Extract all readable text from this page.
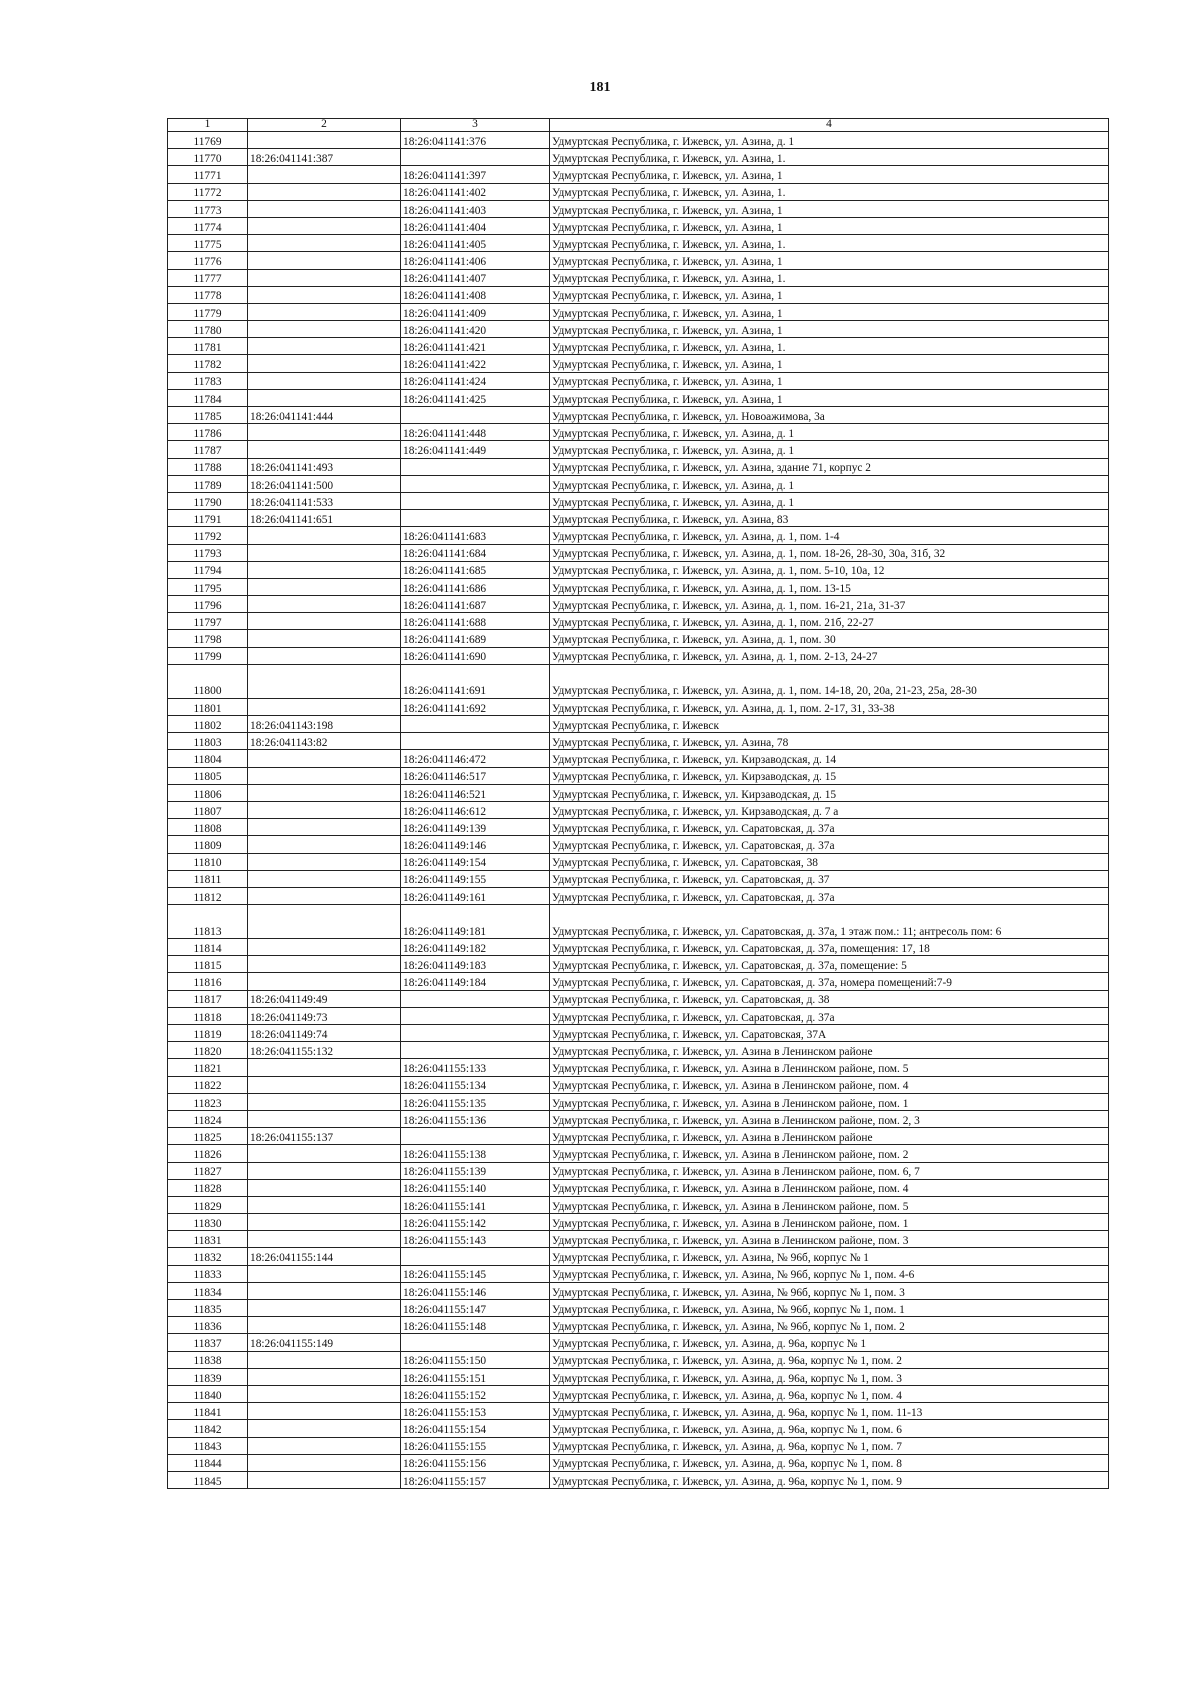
181
1	2	3	4
11769		18:26:041141:376	Удмуртская Республика, г. Ижевск, ул. Азина, д. 1
11770	18:26:041141:387		Удмуртская Республика, г. Ижевск, ул. Азина, 1.
11771		18:26:041141:397	Удмуртская Республика, г. Ижевск, ул. Азина, 1
11772		18:26:041141:402	Удмуртская Республика, г. Ижевск, ул. Азина, 1.
11773		18:26:041141:403	Удмуртская Республика, г. Ижевск, ул. Азина, 1
11774		18:26:041141:404	Удмуртская Республика, г. Ижевск, ул. Азина, 1
11775		18:26:041141:405	Удмуртская Республика, г. Ижевск, ул. Азина, 1.
11776		18:26:041141:406	Удмуртская Республика, г. Ижевск, ул. Азина, 1
11777		18:26:041141:407	Удмуртская Республика, г. Ижевск, ул. Азина, 1.
11778		18:26:041141:408	Удмуртская Республика, г. Ижевск, ул. Азина, 1
11779		18:26:041141:409	Удмуртская Республика, г. Ижевск, ул. Азина, 1
11780		18:26:041141:420	Удмуртская Республика, г. Ижевск, ул. Азина, 1
11781		18:26:041141:421	Удмуртская Республика, г. Ижевск, ул. Азина, 1.
11782		18:26:041141:422	Удмуртская Республика, г. Ижевск, ул. Азина, 1
11783		18:26:041141:424	Удмуртская Республика, г. Ижевск, ул. Азина, 1
11784		18:26:041141:425	Удмуртская Республика, г. Ижевск, ул. Азина, 1
11785	18:26:041141:444		Удмуртская Республика, г. Ижевск, ул. Новоажимова, 3а
11786		18:26:041141:448	Удмуртская Республика, г. Ижевск, ул. Азина, д. 1
11787		18:26:041141:449	Удмуртская Республика, г. Ижевск, ул. Азина, д. 1
11788	18:26:041141:493		Удмуртская Республика, г. Ижевск, ул. Азина, здание 71, корпус 2
11789	18:26:041141:500		Удмуртская Республика, г. Ижевск, ул. Азина, д. 1
11790	18:26:041141:533		Удмуртская Республика, г. Ижевск, ул. Азина, д. 1
11791	18:26:041141:651		Удмуртская Республика, г. Ижевск, ул. Азина, 83
11792		18:26:041141:683	Удмуртская Республика, г. Ижевск, ул. Азина, д. 1, пом. 1-4
11793		18:26:041141:684	Удмуртская Республика, г. Ижевск, ул. Азина, д. 1, пом. 18-26, 28-30, 30а, 31б, 32
11794		18:26:041141:685	Удмуртская Республика, г. Ижевск, ул. Азина, д. 1, пом. 5-10, 10а, 12
11795		18:26:041141:686	Удмуртская Республика, г. Ижевск, ул. Азина, д. 1, пом. 13-15
11796		18:26:041141:687	Удмуртская Республика, г. Ижевск, ул. Азина, д. 1, пом. 16-21, 21а, 31-37
11797		18:26:041141:688	Удмуртская Республика, г. Ижевск, ул. Азина, д. 1, пом. 21б, 22-27
11798		18:26:041141:689	Удмуртская Республика, г. Ижевск, ул. Азина, д. 1, пом. 30
11799		18:26:041141:690	Удмуртская Республика, г. Ижевск, ул. Азина, д. 1, пом. 2-13, 24-27
11800		18:26:041141:691	Удмуртская Республика, г. Ижевск, ул. Азина, д. 1, пом. 14-18, 20, 20а, 21-23, 25а, 28-30
11801		18:26:041141:692	Удмуртская Республика, г. Ижевск, ул. Азина, д. 1, пом. 2-17, 31, 33-38
11802	18:26:041143:198		Удмуртская Республика, г. Ижевск
11803	18:26:041143:82		Удмуртская Республика, г. Ижевск, ул. Азина, 78
11804		18:26:041146:472	Удмуртская Республика, г. Ижевск, ул. Кирзаводская, д. 14
11805		18:26:041146:517	Удмуртская Республика, г. Ижевск, ул. Кирзаводская, д. 15
11806		18:26:041146:521	Удмуртская Республика, г. Ижевск, ул. Кирзаводская, д. 15
11807		18:26:041146:612	Удмуртская Республика, г. Ижевск, ул. Кирзаводская, д. 7 а
11808		18:26:041149:139	Удмуртская Республика, г. Ижевск, ул. Саратовская, д. 37а
11809		18:26:041149:146	Удмуртская Республика, г. Ижевск, ул. Саратовская, д. 37а
11810		18:26:041149:154	Удмуртская Республика, г. Ижевск, ул. Саратовская, 38
11811		18:26:041149:155	Удмуртская Республика, г. Ижевск, ул. Саратовская, д. 37
11812		18:26:041149:161	Удмуртская Республика, г. Ижевск, ул. Саратовская, д. 37а
11813		18:26:041149:181	Удмуртская Республика, г. Ижевск, ул. Саратовская, д. 37а, 1 этаж пом.: 11; антресоль пом: 6
11814		18:26:041149:182	Удмуртская Республика, г. Ижевск, ул. Саратовская, д. 37а, помещения: 17, 18
11815		18:26:041149:183	Удмуртская Республика, г. Ижевск, ул. Саратовская, д. 37а, помещение: 5
11816		18:26:041149:184	Удмуртская Республика, г. Ижевск, ул. Саратовская, д. 37а, номера помещений:7-9
11817	18:26:041149:49		Удмуртская Республика, г. Ижевск, ул. Саратовская, д. 38
11818	18:26:041149:73		Удмуртская Республика, г. Ижевск, ул. Саратовская, д. 37а
11819	18:26:041149:74		Удмуртская Республика, г. Ижевск, ул. Саратовская, 37А
11820	18:26:041155:132		Удмуртская Республика, г. Ижевск, ул. Азина в Ленинском районе
11821		18:26:041155:133	Удмуртская Республика, г. Ижевск, ул. Азина в Ленинском районе, пом. 5
11822		18:26:041155:134	Удмуртская Республика, г. Ижевск, ул. Азина в Ленинском районе, пом. 4
11823		18:26:041155:135	Удмуртская Республика, г. Ижевск, ул. Азина в Ленинском районе, пом. 1
11824		18:26:041155:136	Удмуртская Республика, г. Ижевск, ул. Азина в Ленинском районе, пом. 2, 3
11825	18:26:041155:137		Удмуртская Республика, г. Ижевск, ул. Азина в Ленинском районе
11826		18:26:041155:138	Удмуртская Республика, г. Ижевск, ул. Азина в Ленинском районе, пом. 2
11827		18:26:041155:139	Удмуртская Республика, г. Ижевск, ул. Азина в Ленинском районе, пом. 6, 7
11828		18:26:041155:140	Удмуртская Республика, г. Ижевск, ул. Азина в Ленинском районе, пом. 4
11829		18:26:041155:141	Удмуртская Республика, г. Ижевск, ул. Азина в Ленинском районе, пом. 5
11830		18:26:041155:142	Удмуртская Республика, г. Ижевск, ул. Азина в Ленинском районе, пом. 1
11831		18:26:041155:143	Удмуртская Республика, г. Ижевск, ул. Азина в Ленинском районе, пом. 3
11832	18:26:041155:144		Удмуртская Республика, г. Ижевск, ул. Азина, № 96б, корпус № 1
11833		18:26:041155:145	Удмуртская Республика, г. Ижевск, ул. Азина, № 96б, корпус № 1, пом. 4-6
11834		18:26:041155:146	Удмуртская Республика, г. Ижевск, ул. Азина, № 96б, корпус № 1, пом. 3
11835		18:26:041155:147	Удмуртская Республика, г. Ижевск, ул. Азина, № 96б, корпус № 1, пом. 1
11836		18:26:041155:148	Удмуртская Республика, г. Ижевск, ул. Азина, № 96б, корпус № 1, пом. 2
11837	18:26:041155:149		Удмуртская Республика, г. Ижевск, ул. Азина, д. 96а, корпус № 1
11838		18:26:041155:150	Удмуртская Республика, г. Ижевск, ул. Азина, д. 96а, корпус № 1, пом. 2
11839		18:26:041155:151	Удмуртская Республика, г. Ижевск, ул. Азина, д. 96а, корпус № 1, пом. 3
11840		18:26:041155:152	Удмуртская Республика, г. Ижевск, ул. Азина, д. 96а, корпус № 1, пом. 4
11841		18:26:041155:153	Удмуртская Республика, г. Ижевск, ул. Азина, д. 96а, корпус № 1, пом. 11-13
11842		18:26:041155:154	Удмуртская Республика, г. Ижевск, ул. Азина, д. 96а, корпус № 1, пом. 6
11843		18:26:041155:155	Удмуртская Республика, г. Ижевск, ул. Азина, д. 96а, корпус № 1, пом. 7
11844		18:26:041155:156	Удмуртская Республика, г. Ижевск, ул. Азина, д. 96а, корпус № 1, пом. 8
11845		18:26:041155:157	Удмуртская Республика, г. Ижевск, ул. Азина, д. 96а, корпус № 1, пом. 9
